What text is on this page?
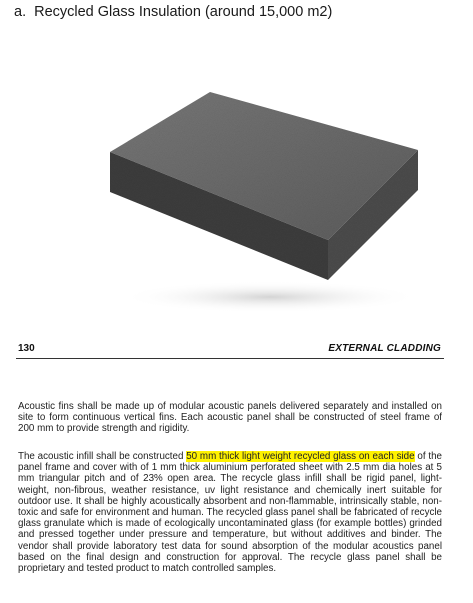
a. Recycled Glass Insulation (around 15,000 m2)
130	EXTERNAL CLADDING

Acoustic fins shall be made up of modular acoustic panels delivered separately and installed on site to form continuous vertical fins. Each acoustic panel shall be constructed of steel frame of 200 mm to provide strength and rigidity.

The acoustic infill shall be constructed 50 mm thick light weight recycled glass on each side of the panel frame and cover with of 1 mm thick aluminium perforated sheet with 2.5 mm dia holes at 5 mm triangular pitch and of 23% open area. The recycle glass infill shall be rigid panel, light- weight, non-fibrous, weather resistance, uv light resistance and chemically inert suitable for outdoor use. It shall be highly acoustically absorbent and non-flammable, intrinsically stable, non-toxic and safe for environment and human. The recycled glass panel shall be fabricated of recycle glass granulate which is made of ecologically uncontaminated glass (for example bottles) grinded and pressed together under pressure and temperature, but without additives and binder. The vendor shall provide laboratory test data for sound absorption of the modular acoustics panel based on the final design and construction for approval. The recycle glass panel shall be proprietary and tested product to match controlled samples.
